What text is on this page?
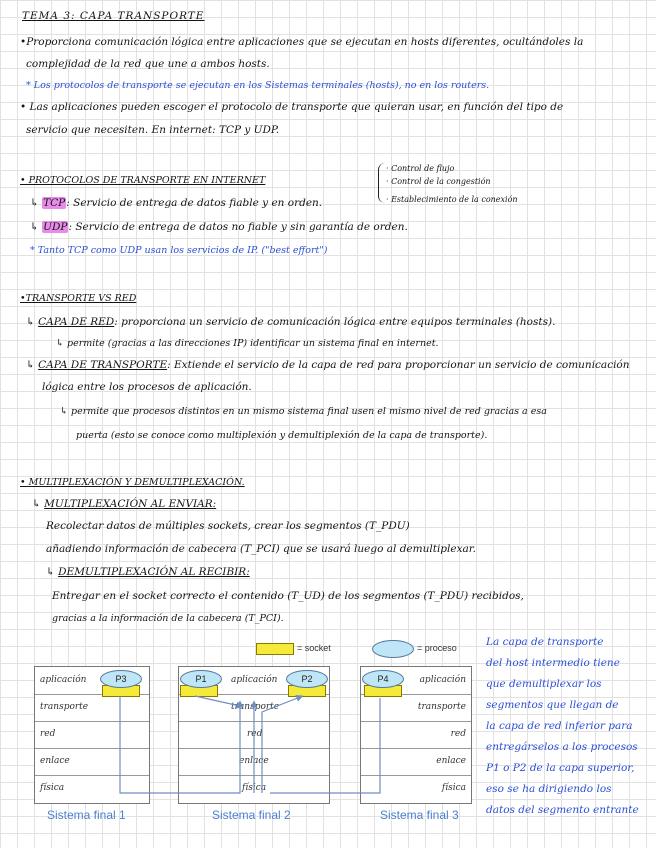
TEMA 3: CAPA TRANSPORTE
•Proporciona comunicación lógica entre aplicaciones que se ejecutan en hosts diferentes, ocultándoles la
complejidad de la red que une a ambos hosts.
* Los protocolos de transporte se ejecutan en los Sistemas terminales (hosts), no en los routers.
• Las aplicaciones pueden escoger el protocolo de transporte que quieran usar, en función del tipo de
servicio que necesiten. En internet: TCP y UDP.
• PROTOCOLOS DE TRANSPORTE EN INTERNET
· Control de flujo
· Control de la congestión
· Establecimiento de la conexión
↳ TCP: Servicio de entrega de datos fiable y en orden.
↳ UDP: Servicio de entrega de datos no fiable y sin garantía de orden.
* Tanto TCP como UDP usan los servicios de IP. ("best effort")
•TRANSPORTE VS RED
↳ CAPA DE RED: proporciona un servicio de comunicación lógica entre equipos terminales (hosts).
↳ permite (gracias a las direcciones IP) identificar un sistema final en internet.
↳ CAPA DE TRANSPORTE: Extiende el servicio de la capa de red para proporcionar un servicio de comunicación
lógica entre los procesos de aplicación.
↳ permite que procesos distintos en un mismo sistema final usen el mismo nivel de red gracias a esa
puerta (esto se conoce como multiplexión y demultiplexión de la capa de transporte).
• MULTIPLEXACIÓN Y DEMULTIPLEXACIÓN.
↳ MULTIPLEXACIÓN AL ENVIAR:
Recolectar datos de múltiples sockets, crear los segmentos (T_PDU)
añadiendo información de cabecera (T_PCI) que se usará luego al demultiplexar.
↳ DEMULTIPLEXACIÓN AL RECIBIR:
Entregar en el socket correcto el contenido (T_UD) de los segmentos (T_PDU) recibidos,
gracias a la información de la cabecera (T_PCI).
= socket	= proceso
aplicación
transporte
red
enlace
física
P3	aplicación
transporte
red
enlace
física
P1	P2	aplicación
transporte
red
enlace
física
P4
Sistema final 1	Sistema final 2	Sistema final 3
La capa de transporte
del host intermedio tiene
que demultiplexar los
segmentos que llegan de
la capa de red inferior para
entregárselos a los procesos
P1 o P2 de la capa superior,
eso se ha dirigiendo los
datos del segmento entrante
